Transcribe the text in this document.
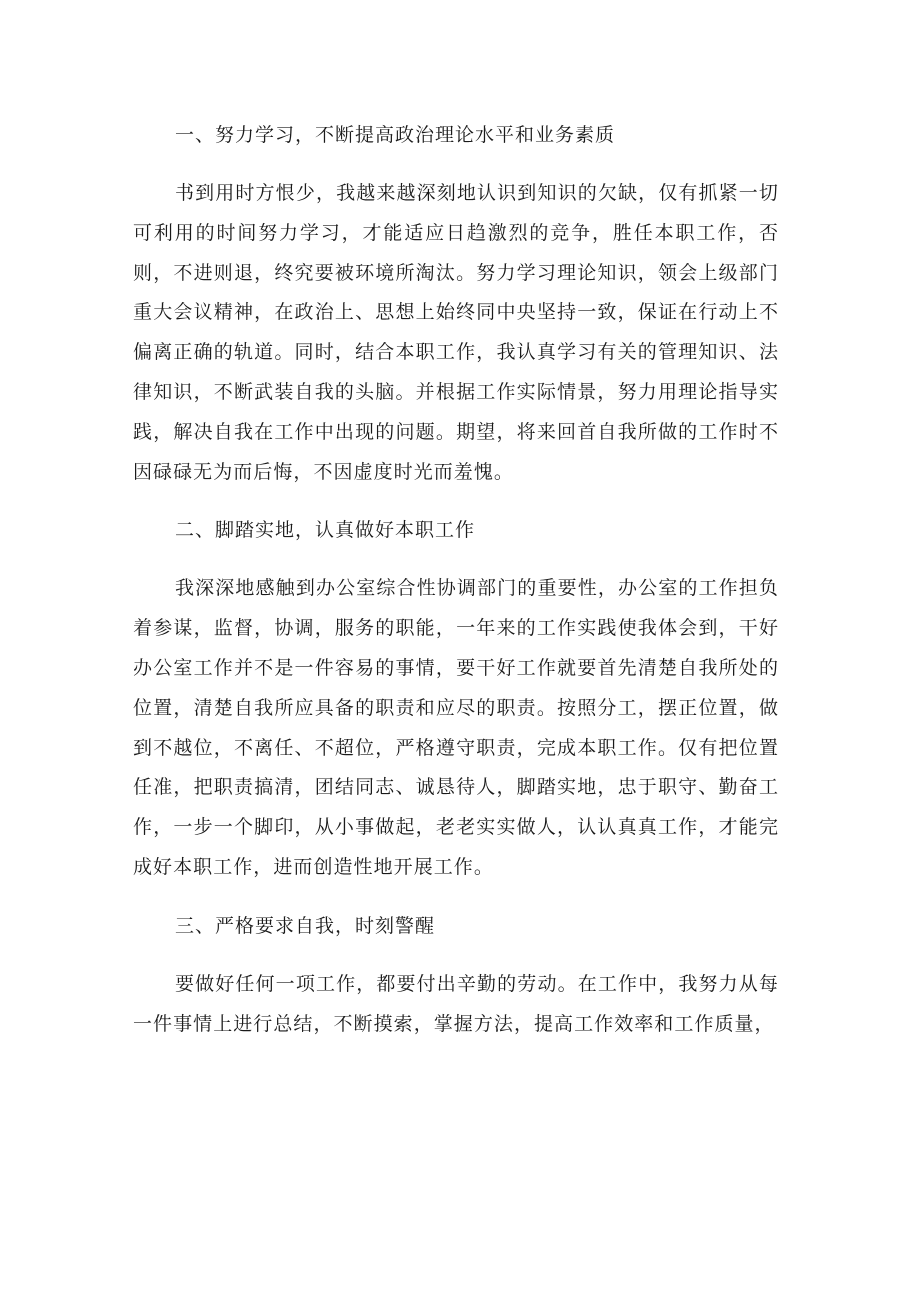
一、努力学习，不断提高政治理论水平和业务素质

书到用时方恨少，我越来越深刻地认识到知识的欠缺，仅有抓紧一切可利用的时间努力学习，才能适应日趋激烈的竞争，胜任本职工作，否则，不进则退，终究要被环境所淘汰。努力学习理论知识，领会上级部门重大会议精神，在政治上、思想上始终同中央坚持一致，保证在行动上不偏离正确的轨道。同时，结合本职工作，我认真学习有关的管理知识、法律知识，不断武装自我的头脑。并根据工作实际情景，努力用理论指导实践，解决自我在工作中出现的问题。期望，将来回首自我所做的工作时不因碌碌无为而后悔，不因虚度时光而羞愧。

二、脚踏实地，认真做好本职工作

我深深地感触到办公室综合性协调部门的重要性，办公室的工作担负着参谋，监督，协调，服务的职能，一年来的工作实践使我体会到，干好办公室工作并不是一件容易的事情，要干好工作就要首先清楚自我所处的位置，清楚自我所应具备的职责和应尽的职责。按照分工，摆正位置，做到不越位，不离任、不超位，严格遵守职责，完成本职工作。仅有把位置任准，把职责搞清，团结同志、诚恳待人，脚踏实地，忠于职守、勤奋工作，一步一个脚印，从小事做起，老老实实做人，认认真真工作，才能完成好本职工作，进而创造性地开展工作。

三、严格要求自我，时刻警醒

要做好任何一项工作，都要付出辛勤的劳动。在工作中，我努力从每一件事情上进行总结，不断摸索，掌握方法，提高工作效率和工作质量，
